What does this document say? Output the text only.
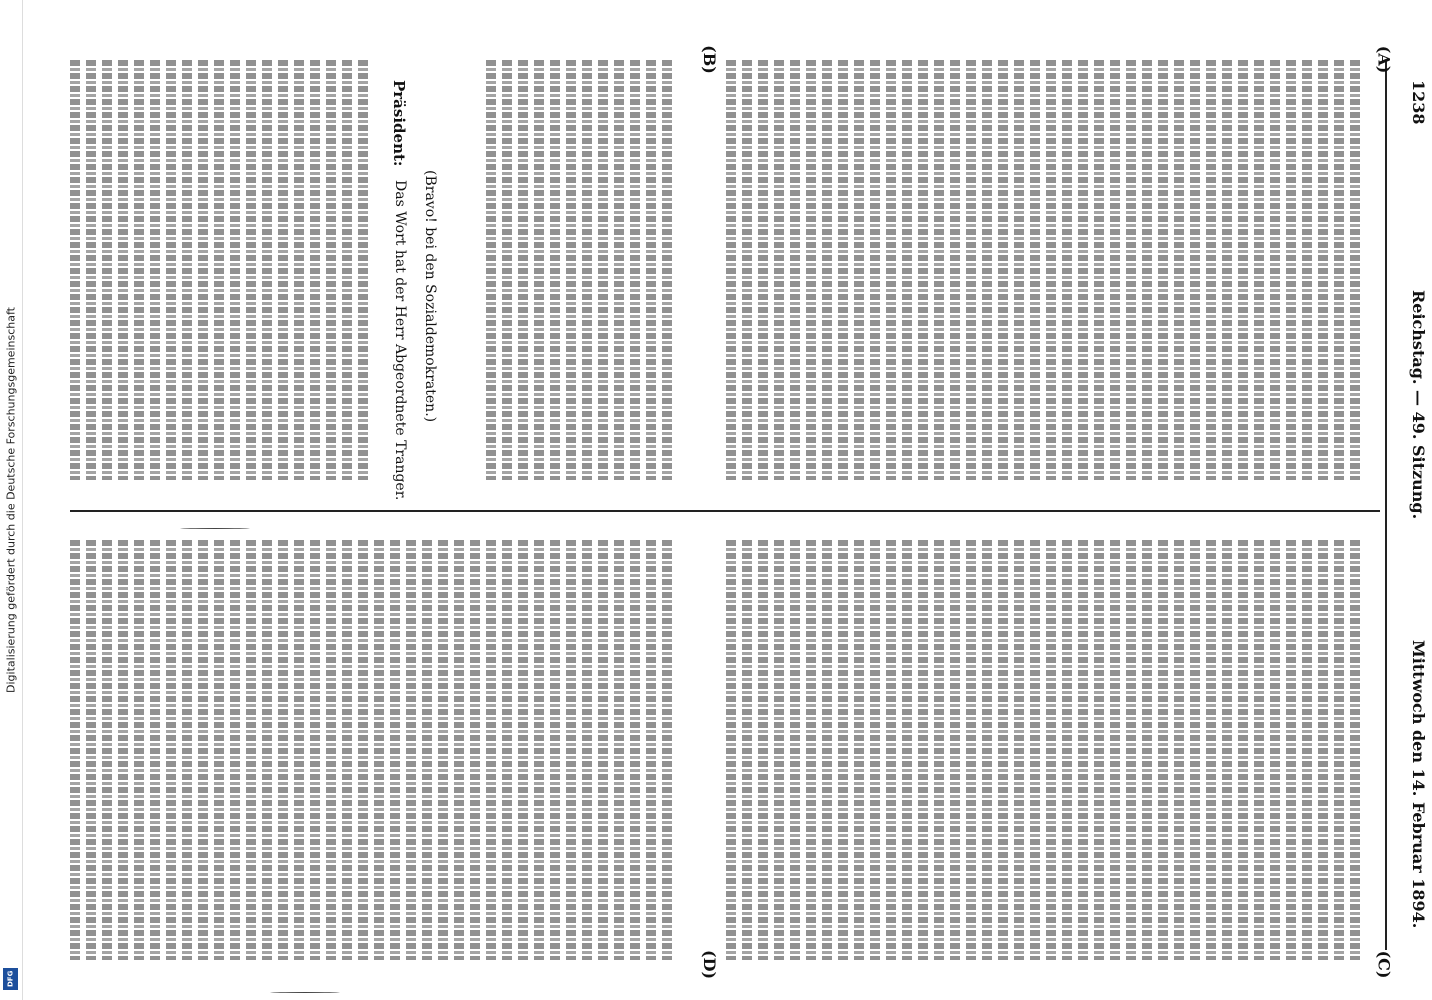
Digitalisierung gefördert durch die Deutsche Forschungsgemeinschaft
DFG
1238
Reichstag. — 49. Sitzung.
Mittwoch den 14. Februar 1894.
(A)
(B)
(C)
(D)
Präsident:
Das Wort hat der Herr Abgeordnete Tranger. (Bravo! bei den Sozialdemokraten.)
